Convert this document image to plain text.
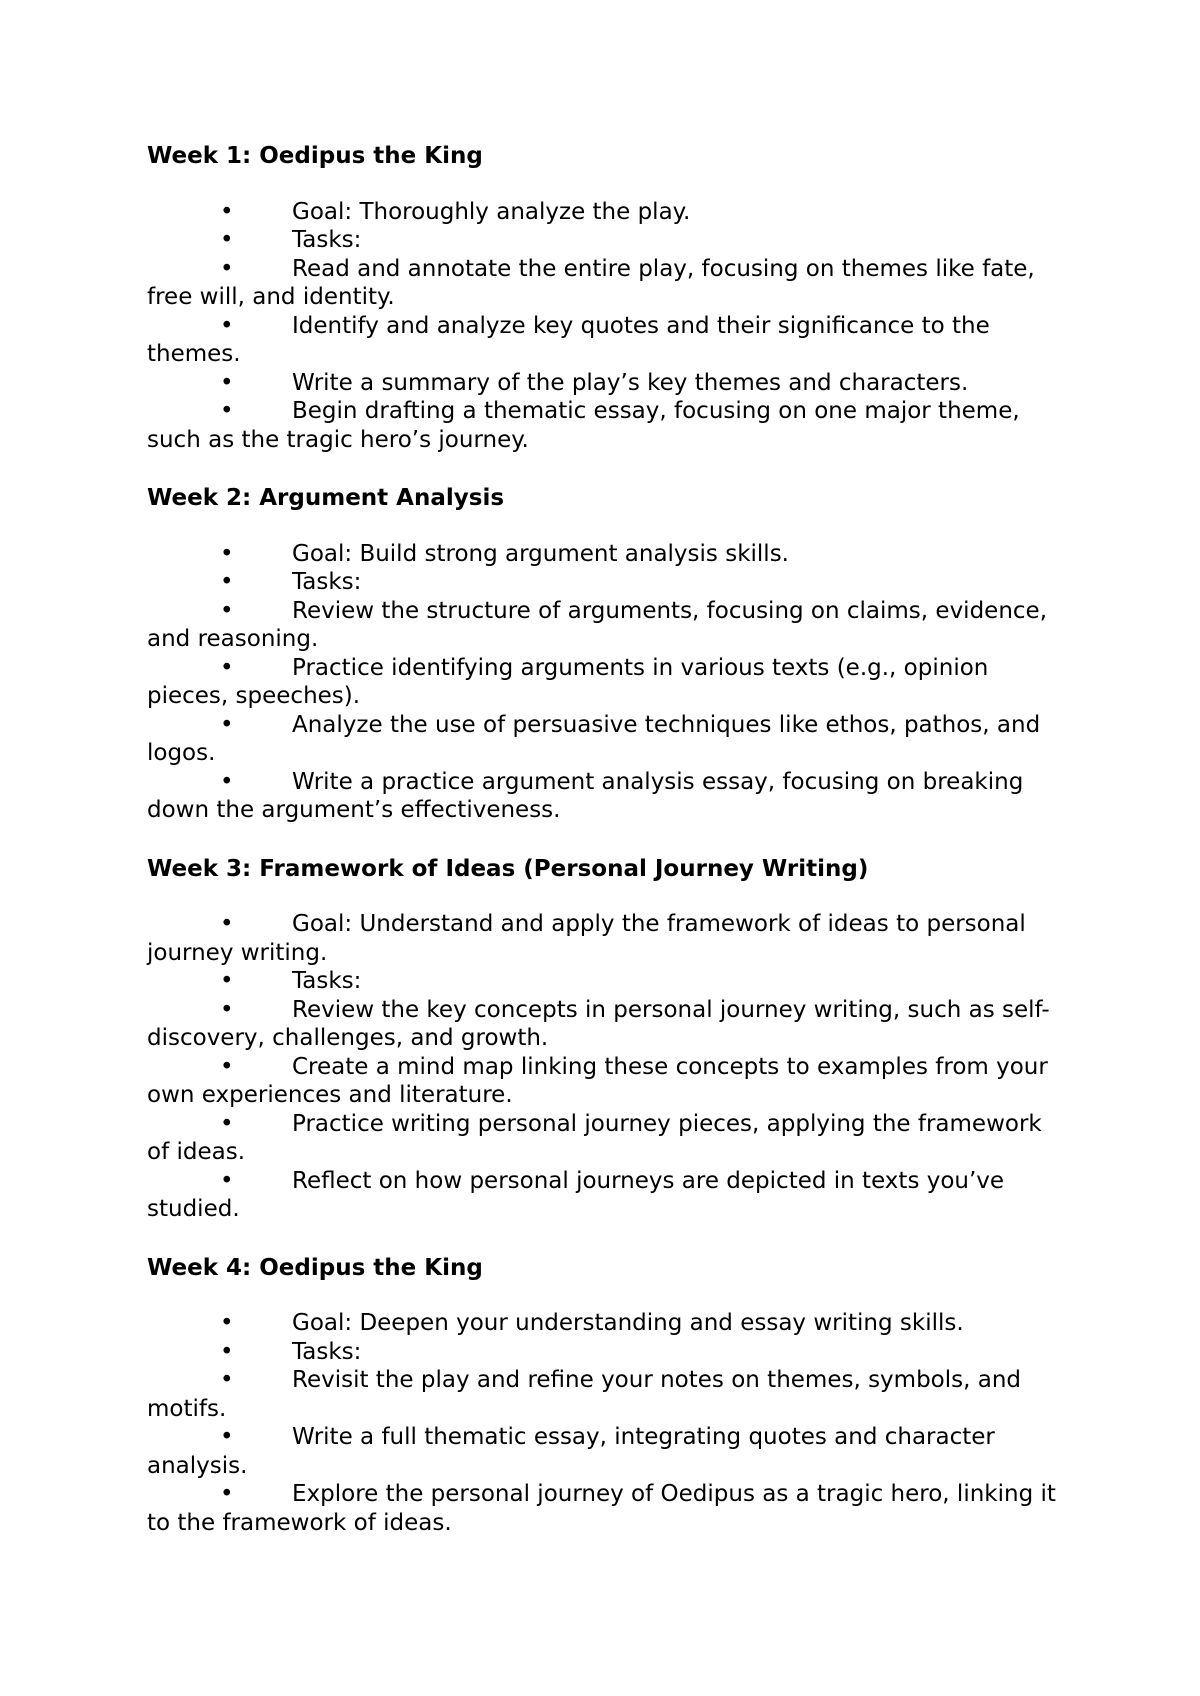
Week 1: Oedipus the King

•	Goal: Thoroughly analyze the play.

•	Tasks:

•	Read and annotate the entire play, focusing on themes like fate, free will, and identity.

•	Identify and analyze key quotes and their significance to the themes.

•	Write a summary of the play’s key themes and characters.

•	Begin drafting a thematic essay, focusing on one major theme, such as the tragic hero’s journey.

Week 2: Argument Analysis

•	Goal: Build strong argument analysis skills.

•	Tasks:

•	Review the structure of arguments, focusing on claims, evidence, and reasoning.

•	Practice identifying arguments in various texts (e.g., opinion pieces, speeches).

•	Analyze the use of persuasive techniques like ethos, pathos, and logos.

•	Write a practice argument analysis essay, focusing on breaking down the argument’s effectiveness.

Week 3: Framework of Ideas (Personal Journey Writing)

•	Goal: Understand and apply the framework of ideas to personal journey writing.

•	Tasks:

•	Review the key concepts in personal journey writing, such as self-discovery, challenges, and growth.

•	Create a mind map linking these concepts to examples from your own experiences and literature.

•	Practice writing personal journey pieces, applying the framework of ideas.

•	Reflect on how personal journeys are depicted in texts you’ve studied.

Week 4: Oedipus the King

•	Goal: Deepen your understanding and essay writing skills.

•	Tasks:

•	Revisit the play and refine your notes on themes, symbols, and motifs.

•	Write a full thematic essay, integrating quotes and character analysis.

•	Explore the personal journey of Oedipus as a tragic hero, linking it to the framework of ideas.
